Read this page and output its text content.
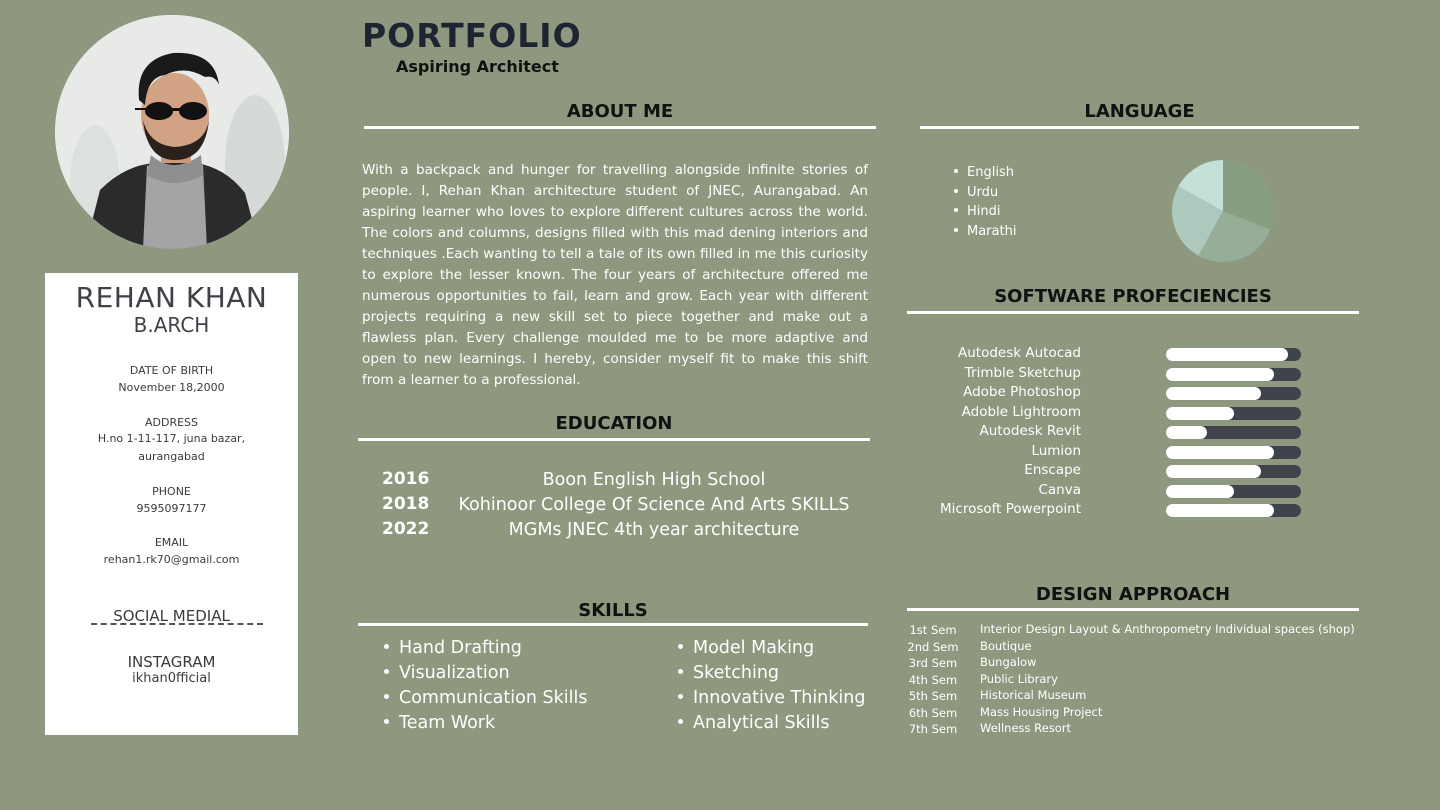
REHAN KHAN
B.ARCH
DATE OF BIRTH
November 18,2000
ADDRESS
H.no 1-11-117, juna bazar,
aurangabad
PHONE
9595097177
EMAIL
rehan1.rk70@gmail.com
SOCIAL MEDIAL
INSTAGRAM
ikhan0fficial
PORTFOLIO
Aspiring Architect
ABOUT ME
With a backpack and hunger for travelling alongside infinite stories of people. I, Rehan Khan architecture student of JNEC, Aurangabad. An aspiring learner who loves to explore different cultures across the world. The colors and columns, designs filled with this mad dening interiors and techniques .Each wanting to tell a tale of its own filled in me this curiosity to explore the lesser known. The four years of architecture offered me numerous opportunities to fail, learn and grow. Each year with different projects requiring a new skill set to piece together and make out a flawless plan. Every challenge moulded me to be more adaptive and open to new learnings. I hereby, consider myself fit to make this shift from a learner to a professional.
EDUCATION
2016	Boon English High School
2018	Kohinoor College Of Science And Arts SKILLS
2022	MGMs JNEC 4th year architecture
SKILLS
Hand Drafting
Visualization
Communication Skills
Team Work
Model Making
Sketching
Innovative Thinking
Analytical Skills
LANGUAGE
English
Urdu
Hindi
Marathi
SOFTWARE PROFECIENCIES
Autodesk Autocad
Trimble Sketchup
Adobe Photoshop
Adoble Lightroom
Autodesk Revit
Lumion
Enscape
Canva
Microsoft Powerpoint
DESIGN APPROACH
1st Sem	Interior Design Layout & Anthropometry Individual spaces (shop)
2nd Sem Boutique
3rd Sem Bungalow
4th Sem Public Library
5th Sem Historical Museum
6th Sem Mass Housing Project
7th Sem Wellness Resort
